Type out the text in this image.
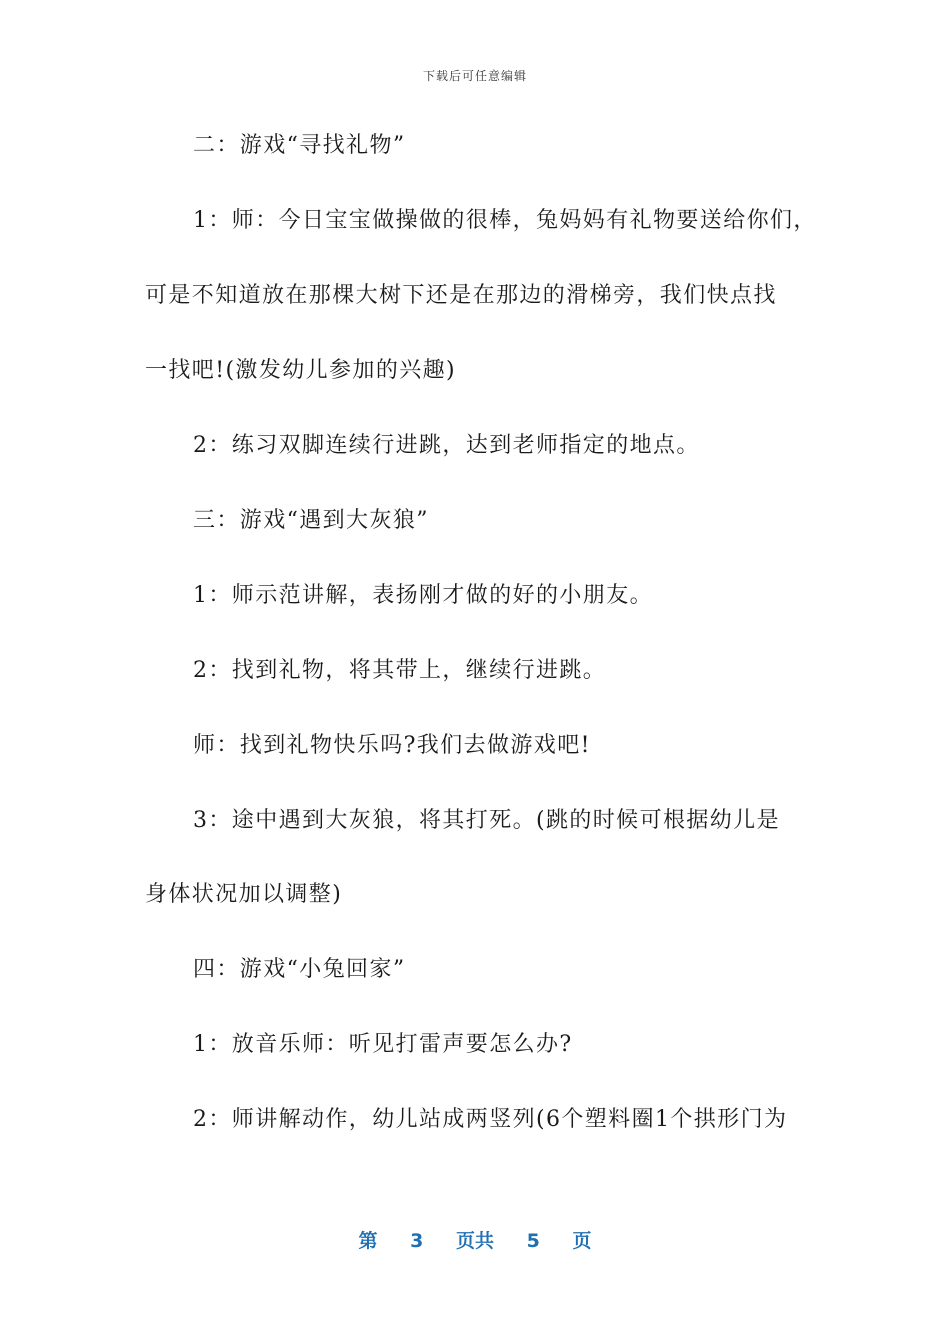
下载后可任意编辑
二：游戏“寻找礼物”
1：师：今日宝宝做操做的很棒，兔妈妈有礼物要送给你们，
可是不知道放在那棵大树下还是在那边的滑梯旁，我们快点找
一找吧!(激发幼儿参加的兴趣)
2：练习双脚连续行进跳，达到老师指定的地点。
三：游戏“遇到大灰狼”
1：师示范讲解，表扬刚才做的好的小朋友。
2：找到礼物，将其带上，继续行进跳。
师：找到礼物快乐吗?我们去做游戏吧!
3：途中遇到大灰狼，将其打死。(跳的时候可根据幼儿是
身体状况加以调整)
四：游戏“小兔回家”
1：放音乐师：听见打雷声要怎么办?
2：师讲解动作，幼儿站成两竖列(6个塑料圈1个拱形门为
第 3 页共 5 页
